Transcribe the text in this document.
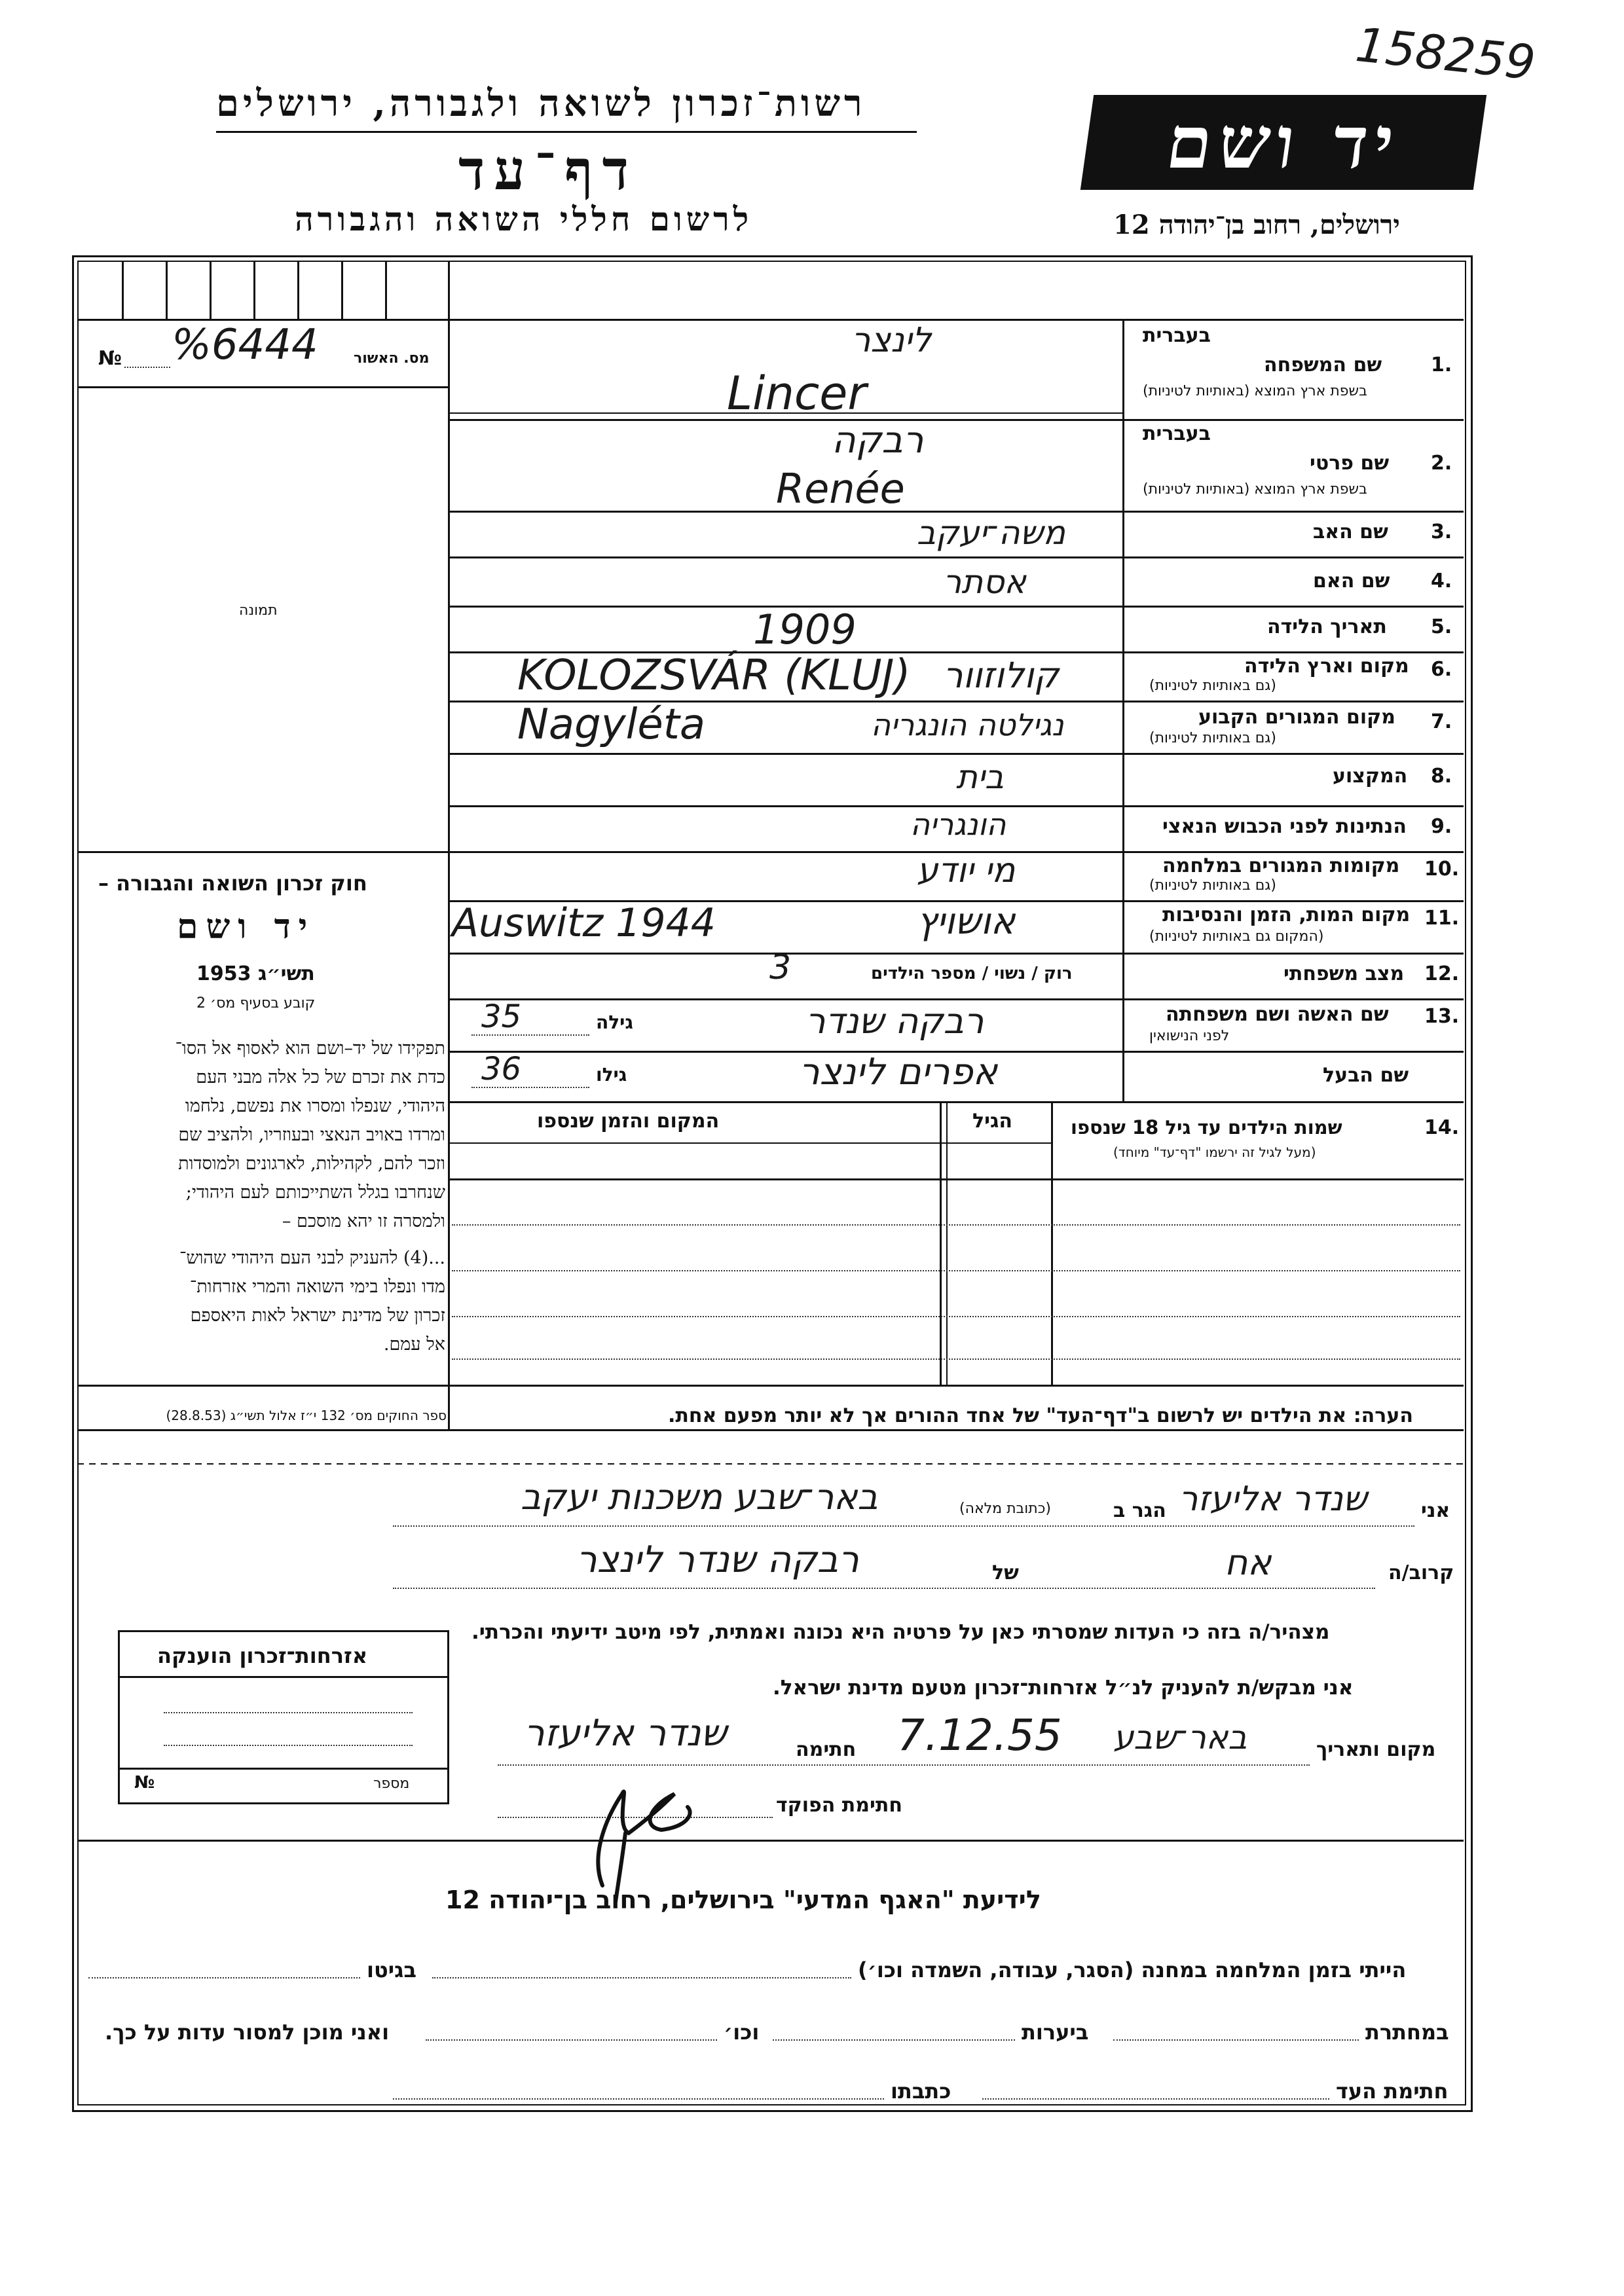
158259
רשות־זכרון לשואה ולגבורה, ירושלים
דף־עד
לרשום חללי השואה והגבורה
יד ושם
ירושלים, רחוב בן־יהודה 12
№ %6444 מס. האשור
תמונה
חוק זכרון השואה והגבורה –
יד ושם
תשי״ג 1953
קובע בסעיף מס׳ 2
תפקידו של יד–ושם הוא לאסוף אל הסו־
כדת את זכרם של כל אלה מבני העם
היהודי, שנפלו ומסרו את נפשם, נלחמו
ומרדו באויב הנאצי ובעוזריו, ולהציב שם
וזכר להם, לקהילות, לארגונים ולמוסדות
שנחרבו בגלל השתייכותם לעם היהודי;
ולמסרה זו יהא מוסכם –
...(4) להעניק לבני העם היהודי שהוש־
מדו ונפלו בימי השואה והמרי אזרחות־
זכרון של מדינת ישראל לאות היאספם
אל עמם.
ספר החוקים מס׳ 132 י״ז אלול תשי״ג (28.8.53)
1.
בעברית
שם המשפחה
בשפת ארץ המוצא (באותיות לטיניות)
לינצר
Lincer
2.
בעברית
שם פרטי
בשפת ארץ המוצא (באותיות לטיניות)
רבקה
Renée
3.
שם האב
משה־יעקב
4.
שם האם
אסתר
5.
תאריך הלידה
1909
6.
מקום וארץ הלידה
(גם באותיות לטיניות)
KOLOZSVÁR (KLUJ) קולוזוור
7.
מקום המגורים הקבוע
(גם באותיות לטיניות)
Nagyléta	נגילטה הונגריה
8.
המקצוע
בית
9.
הנתינות לפני הכבוש הנאצי
הונגריה
10.
מקומות המגורים במלחמה
(גם באותיות לטיניות)
מי יודע
11.
מקום המות, הזמן והנסיבות
(המקום גם באותיות לטיניות)
Auswitz 1944	אושויץ
12.
מצב משפחתי
רוק / נשוי / מספר הילדים
3
13.
שם האשה ושם משפחתה
לפני הנישואין
רבקה שנדר
גילה
35
שם הבעל
אפרים לינצר
גילו
36
14.
שמות הילדים עד גיל 18 שנספו
(מעל לגיל זה ירשמו "דף־עד" מיוחד)
הגיל
המקום והזמן שנספו
הערה: את הילדים יש לרשום ב"דף־העד" של אחד ההורים אך לא יותר מפעם אחת.
אני
שנדר אליעזר
הגר ב
(כתובת מלאה)
באר־שבע משכנות יעקב
קרוב/ה
אח
של
רבקה שנדר לינצר
מצהיר/ה בזה כי העדות שמסרתי כאן על פרטיה היא נכונה ואמתית, לפי מיטב ידיעתי והכרתי.
אני מבקש/ת להעניק לנ״ל אזרחות־זכרון מטעם מדינת ישראל.
מקום ותאריך
באר־שבע
7.12.55
חתימה
שנדר אליעזר
חתימת הפוקד
אזרחות־זכרון הוענקה
מספר
№
לידיעת "האגף המדעי" בירושלים, רחוב בן־יהודה 12
הייתי בזמן המלחמה במחנה (הסגר, עבודה, השמדה וכו׳)
בגיטו
במחתרת
ביערות
וכו׳
ואני מוכן למסור עדות על כך.
חתימת העד
כתבתו
